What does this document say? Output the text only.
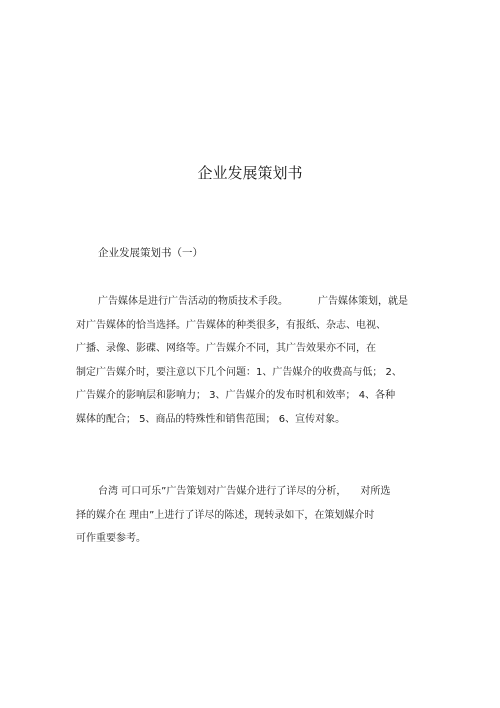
企业发展策划书
企业发展策划书（一）
广告媒体是进行广告活动的物质技术手段。	广告媒体策划，就是
对广告媒体的恰当选择。广告媒体的种类很多，有报纸、杂志、电视、
广播、录像、影碟、网络等。广告媒介不同，其广告效果亦不同，在
制定广告媒介时，要注意以下几个问题：1、广告媒介的收费高与低； 2、
广告媒介的影响层和影响力； 3、广告媒介的发布时机和效率； 4、各种
媒体的配合； 5、商品的特殊性和销售范围； 6、宣传对象。
台湾 可口可乐”广告策划对广告媒介进行了详尽的分析， 对所选
择的媒介在 理由”上进行了详尽的陈述，现转录如下，在策划媒介时
可作重要参考。
